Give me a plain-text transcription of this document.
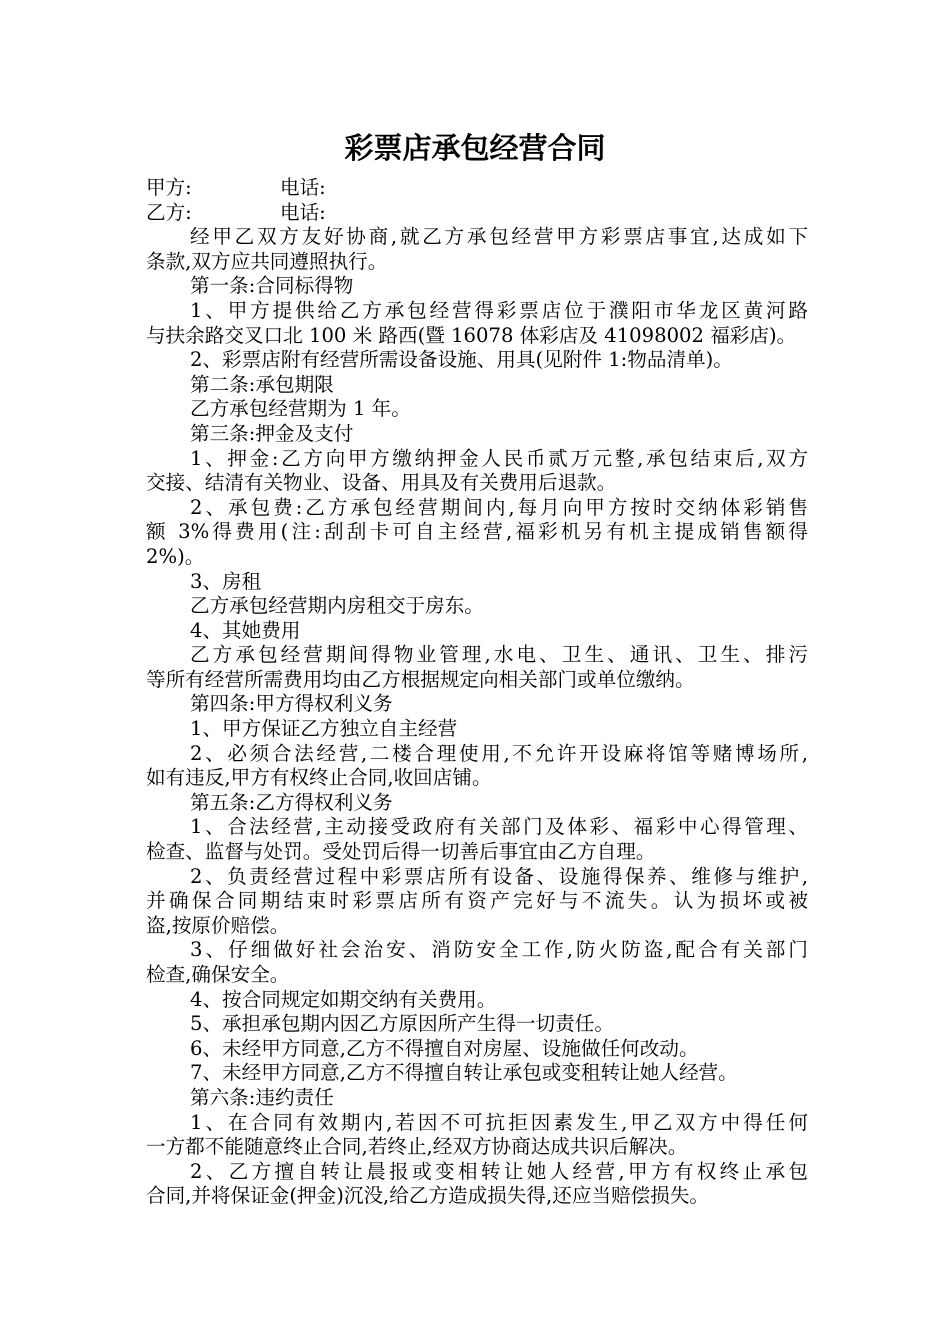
彩票店承包经营合同
甲方:	电话:
乙方:	电话:
经甲乙双方友好协商,就乙方承包经营甲方彩票店事宜,达成如下
条款,双方应共同遵照执行。
第一条:合同标得物
1、甲方提供给乙方承包经营得彩票店位于濮阳市华龙区黄河路
与扶余路交叉口北 100 米 路西(暨 16078 体彩店及 41098002 福彩店)。
2、彩票店附有经营所需设备设施、用具(见附件 1:物品清单)。
第二条:承包期限
乙方承包经营期为 1 年。
第三条:押金及支付
1、押金:乙方向甲方缴纳押金人民币贰万元整,承包结束后,双方
交接、结清有关物业、设备、用具及有关费用后退款。
2、承包费:乙方承包经营期间内,每月向甲方按时交纳体彩销售
额 3%得费用(注:刮刮卡可自主经营,福彩机另有机主提成销售额得
2%)。
3、房租
乙方承包经营期内房租交于房东。
4、其她费用
乙方承包经营期间得物业管理,水电、卫生、通讯、卫生、排污
等所有经营所需费用均由乙方根据规定向相关部门或单位缴纳。
第四条:甲方得权利义务
1、甲方保证乙方独立自主经营
2、必须合法经营,二楼合理使用,不允许开设麻将馆等赌博场所,
如有违反,甲方有权终止合同,收回店铺。
第五条:乙方得权利义务
1、合法经营,主动接受政府有关部门及体彩、福彩中心得管理、
检查、监督与处罚。受处罚后得一切善后事宜由乙方自理。
2、负责经营过程中彩票店所有设备、设施得保养、维修与维护,
并确保合同期结束时彩票店所有资产完好与不流失。认为损坏或被
盗,按原价赔偿。
3、仔细做好社会治安、消防安全工作,防火防盗,配合有关部门
检查,确保安全。
4、按合同规定如期交纳有关费用。
5、承担承包期内因乙方原因所产生得一切责任。
6、未经甲方同意,乙方不得擅自对房屋、设施做任何改动。
7、未经甲方同意,乙方不得擅自转让承包或变租转让她人经营。
第六条:违约责任
1、在合同有效期内,若因不可抗拒因素发生,甲乙双方中得任何
一方都不能随意终止合同,若终止,经双方协商达成共识后解决。
2、乙方擅自转让晨报或变相转让她人经营,甲方有权终止承包
合同,并将保证金(押金)沉没,给乙方造成损失得,还应当赔偿损失。
